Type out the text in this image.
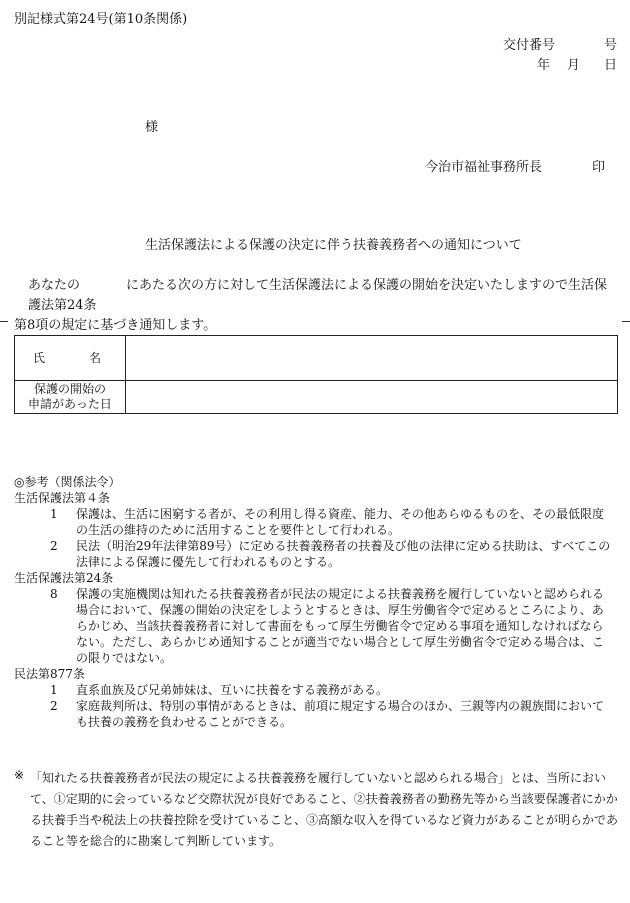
別記様式第24号(第10条関係)
交付番号	号
年 月 日
様
今治市福祉事務所長	印
生活保護法による保護の決定に伴う扶養義務者への通知について

あなたの	にあたる次の方に対して生活保護法による保護の開始を決定いたしますので生活保護法第24条

第8項の規定に基づき通知します。

氏　名
保護の開始の
申請があった日
◎参考（関係法令）
生活保護法第４条
1 保護は、生活に困窮する者が、その利用し得る資産、能力、その他あらゆるものを、その最低限度の生活の維持のために活用することを要件として行われる。
2 民法（明治29年法律第89号）に定める扶養義務者の扶養及び他の法律に定める扶助は、すべてこの法律による保護に優先して行われるものとする。
生活保護法第24条
8 保護の実施機関は知れたる扶養義務者が民法の規定による扶養義務を履行していないと認められる場合において、保護の開始の決定をしようとするときは、厚生労働省令で定めるところにより、あらかじめ、当該扶養義務者に対して書面をもって厚生労働省令で定める事項を通知しなければならない。ただし、あらかじめ通知することが適当でない場合として厚生労働省令で定める場合は、この限りではない。
民法第877条
1 直系血族及び兄弟姉妹は、互いに扶養をする義務がある。
2 家庭裁判所は、特別の事情があるときは、前項に規定する場合のほか、三親等内の親族間においても扶養の義務を負わせることができる。
※ 「知れたる扶養義務者が民法の規定による扶養義務を履行していないと認められる場合」とは、当所において、①定期的に会っているなど交際状況が良好であること、②扶養義務者の勤務先等から当該要保護者にかかる扶養手当や税法上の扶養控除を受けていること、③高額な収入を得ているなど資力があることが明らかであること等を総合的に勘案して判断しています。
